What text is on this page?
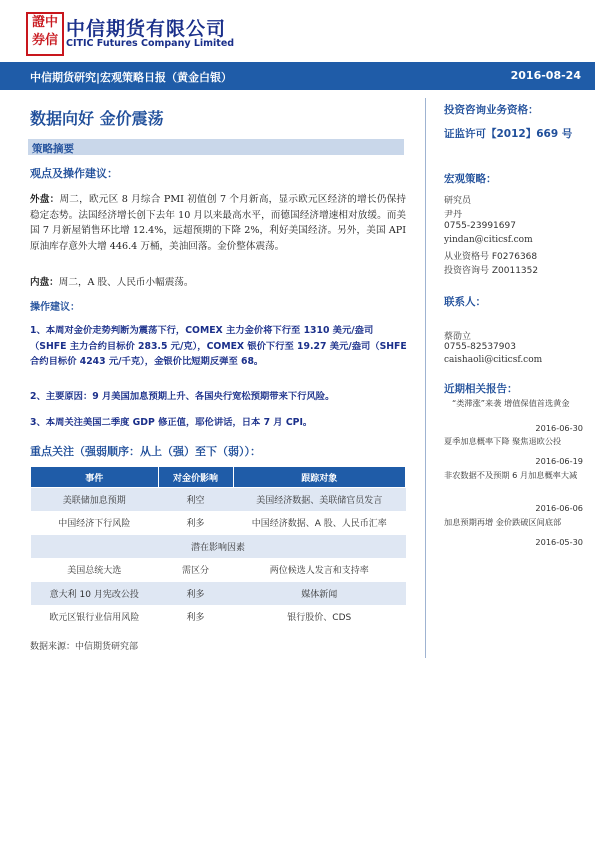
證中
券信
中信期货有限公司
CITIC Futures Company Limited
中信期货研究|宏观策略日报（黄金白银）	2016-08-24
数据向好 金价震荡
策略摘要
观点及操作建议：
外盘：周二，欧元区 8 月综合 PMI 初值创 7 个月新高，显示欧元区经济的增长仍保持稳定态势。法国经济增长创下去年 10 月以来最高水平，而德国经济增速相对放缓。而美国 7 月新屋销售环比增 12.4%，远超预期的下降 2%，利好美国经济。另外，美国 API 原油库存意外大增 446.4 万桶，美油回落。金价整体震荡。
内盘：周二，A 股、人民币小幅震荡。
操作建议：
1、本周对金价走势判断为震荡下行，COMEX 主力金价将下行至 1310 美元/盎司（SHFE 主力合约目标价 283.5 元/克），COMEX 银价下行至 19.27 美元/盎司（SHFE 合约目标价 4243 元/千克），金银价比短期反弹至 68。
2、主要原因：9 月美国加息预期上升、各国央行宽松预期带来下行风险。
3、本周关注美国二季度 GDP 修正值，耶伦讲话，日本 7 月 CPI。
重点关注（强弱顺序：从上（强）至下（弱））：
事件	对金价影响	跟踪对象
美联储加息预期	利空	美国经济数据、美联储官员发言
中国经济下行风险	利多	中国经济数据、A 股、人民币汇率
潜在影响因素		
美国总统大选	需区分	两位候选人发言和支持率
意大利 10 月宪改公投	利多	媒体新闻
欧元区银行业信用风险	利多	银行股价、CDS
数据来源：中信期货研究部
投资咨询业务资格：
证监许可【2012】669 号
宏观策略：
研究员
尹丹
0755-23991697
yindan@citicsf.com
从业资格号 F0276368
投资咨询号 Z0011352
联系人：
蔡劭立
0755-82537903
caishaoli@citicsf.com
近期相关报告：
“类滞涨”来袭 增值保值首选黄金
2016-06-30
夏季加息概率下降 聚焦退欧公投
2016-06-19
非农数据不及预期 6 月加息概率大减
2016-06-06
加息预期再增 金价跌破区间底部
2016-05-30
